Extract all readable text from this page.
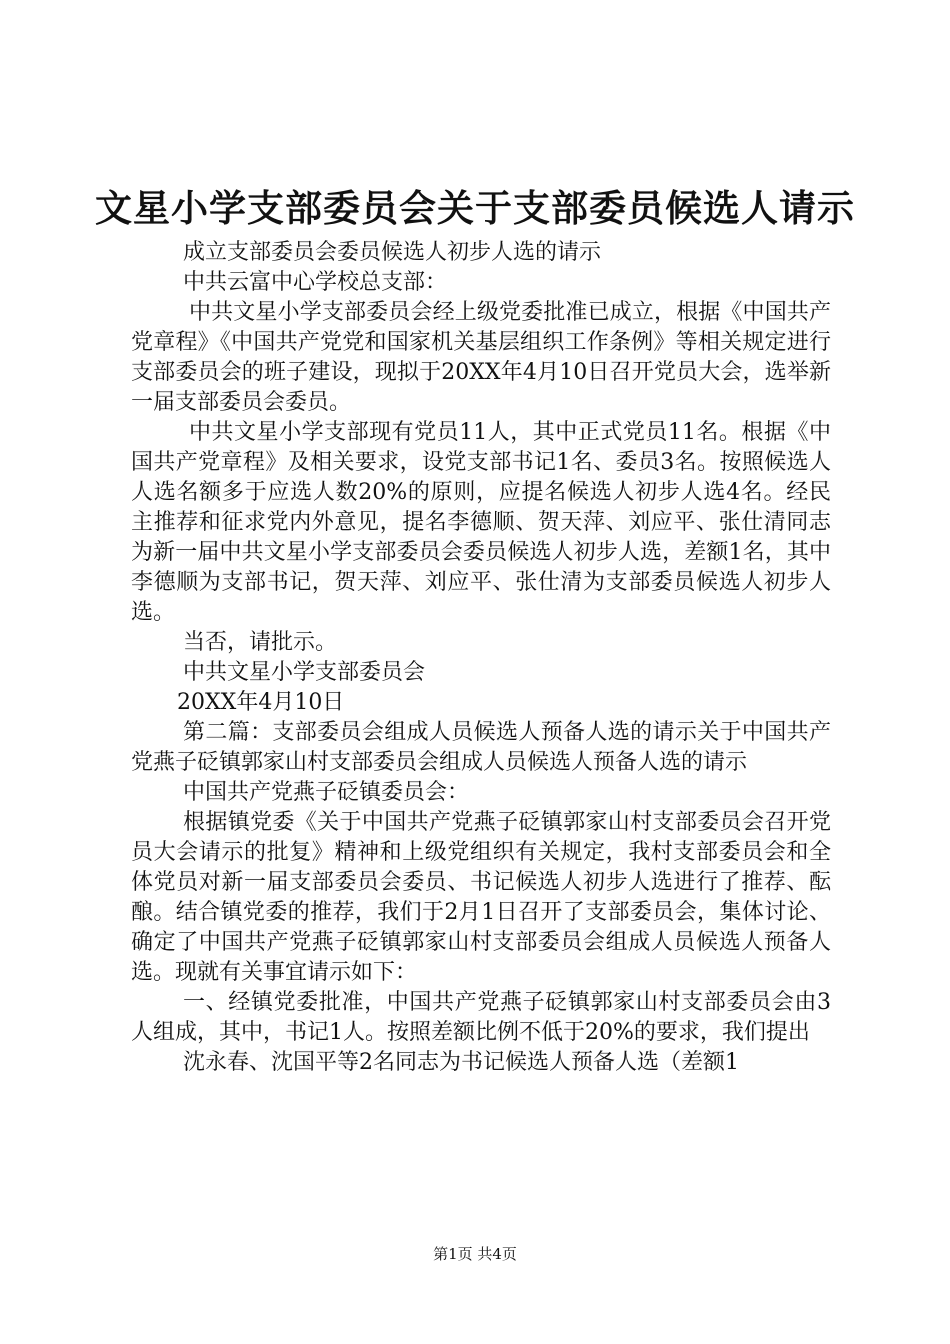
文星小学支部委员会关于支部委员候选人请示

成立支部委员会委员候选人初步人选的请示

中共云富中心学校总支部：

中共文星小学支部委员会经上级党委批准已成立，根据《中国共产党章程》《中国共产党党和国家机关基层组织工作条例》等相关规定进行支部委员会的班子建设，现拟于20XX年4月10日召开党员大会，选举新一届支部委员会委员。

中共文星小学支部现有党员11人，其中正式党员11名。根据《中国共产党章程》及相关要求，设党支部书记1名、委员3名。按照候选人人选名额多于应选人数20%的原则，应提名候选人初步人选4名。经民主推荐和征求党内外意见，提名李德顺、贺天萍、刘应平、张仕清同志为新一届中共文星小学支部委员会委员候选人初步人选，差额1名，其中李德顺为支部书记，贺天萍、刘应平、张仕清为支部委员候选人初步人选。

当否，请批示。

中共文星小学支部委员会

20XX年4月10日

第二篇：支部委员会组成人员候选人预备人选的请示关于中国共产党燕子砭镇郭家山村支部委员会组成人员候选人预备人选的请示

中国共产党燕子砭镇委员会：

根据镇党委《关于中国共产党燕子砭镇郭家山村支部委员会召开党员大会请示的批复》精神和上级党组织有关规定，我村支部委员会和全体党员对新一届支部委员会委员、书记候选人初步人选进行了推荐、酝酿。结合镇党委的推荐，我们于2月1日召开了支部委员会，集体讨论、确定了中国共产党燕子砭镇郭家山村支部委员会组成人员候选人预备人选。现就有关事宜请示如下：

一、经镇党委批准，中国共产党燕子砭镇郭家山村支部委员会由3人组成，其中，书记1人。按照差额比例不低于20%的要求，我们提出

沈永春、沈国平等2名同志为书记候选人预备人选（差额1

第1页 共4页
